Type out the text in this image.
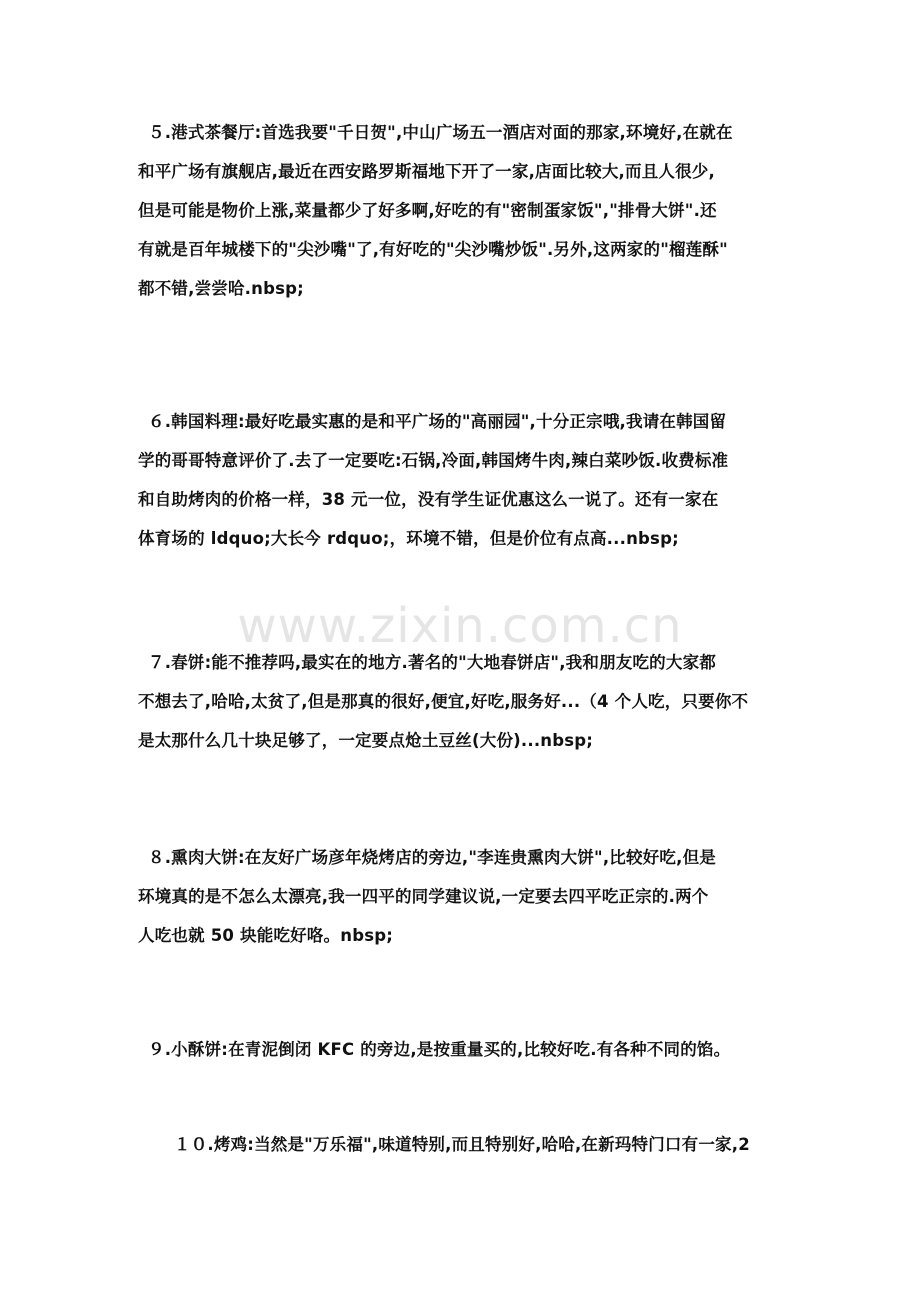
www.zixin.com.cn
５.港式茶餐厅:首选我要"千日贺",中山广场五一酒店对面的那家,环境好,在就在
和平广场有旗舰店,最近在西安路罗斯福地下开了一家,店面比较大,而且人很少,
但是可能是物价上涨,菜量都少了好多啊,好吃的有"密制蛋家饭","排骨大饼".还
有就是百年城楼下的"尖沙嘴"了,有好吃的"尖沙嘴炒饭".另外,这两家的"榴莲酥"
都不错,尝尝哈.nbsp;
６.韩国料理:最好吃最实惠的是和平广场的"高丽园",十分正宗哦,我请在韩国留
学的哥哥特意评价了.去了一定要吃:石锅,冷面,韩国烤牛肉,辣白菜吵饭.收费标准
和自助烤肉的价格一样，38 元一位，没有学生证优惠这么一说了。还有一家在
体育场的 ldquo;大长今 rdquo;，环境不错，但是价位有点高...nbsp;
７.春饼:能不推荐吗,最实在的地方.著名的"大地春饼店",我和朋友吃的大家都
不想去了,哈哈,太贫了,但是那真的很好,便宜,好吃,服务好...（4 个人吃，只要你不
是太那什么几十块足够了，一定要点炝土豆丝(大份)...nbsp;
８.熏肉大饼:在友好广场彦年烧烤店的旁边,"李连贵熏肉大饼",比较好吃,但是
环境真的是不怎么太漂亮,我一四平的同学建议说,一定要去四平吃正宗的.两个
人吃也就 50 块能吃好咯。nbsp;
９.小酥饼:在青泥倒闭 KFC 的旁边,是按重量买的,比较好吃.有各种不同的馅。
１０.烤鸡:当然是"万乐福",味道特别,而且特别好,哈哈,在新玛特门口有一家,2
